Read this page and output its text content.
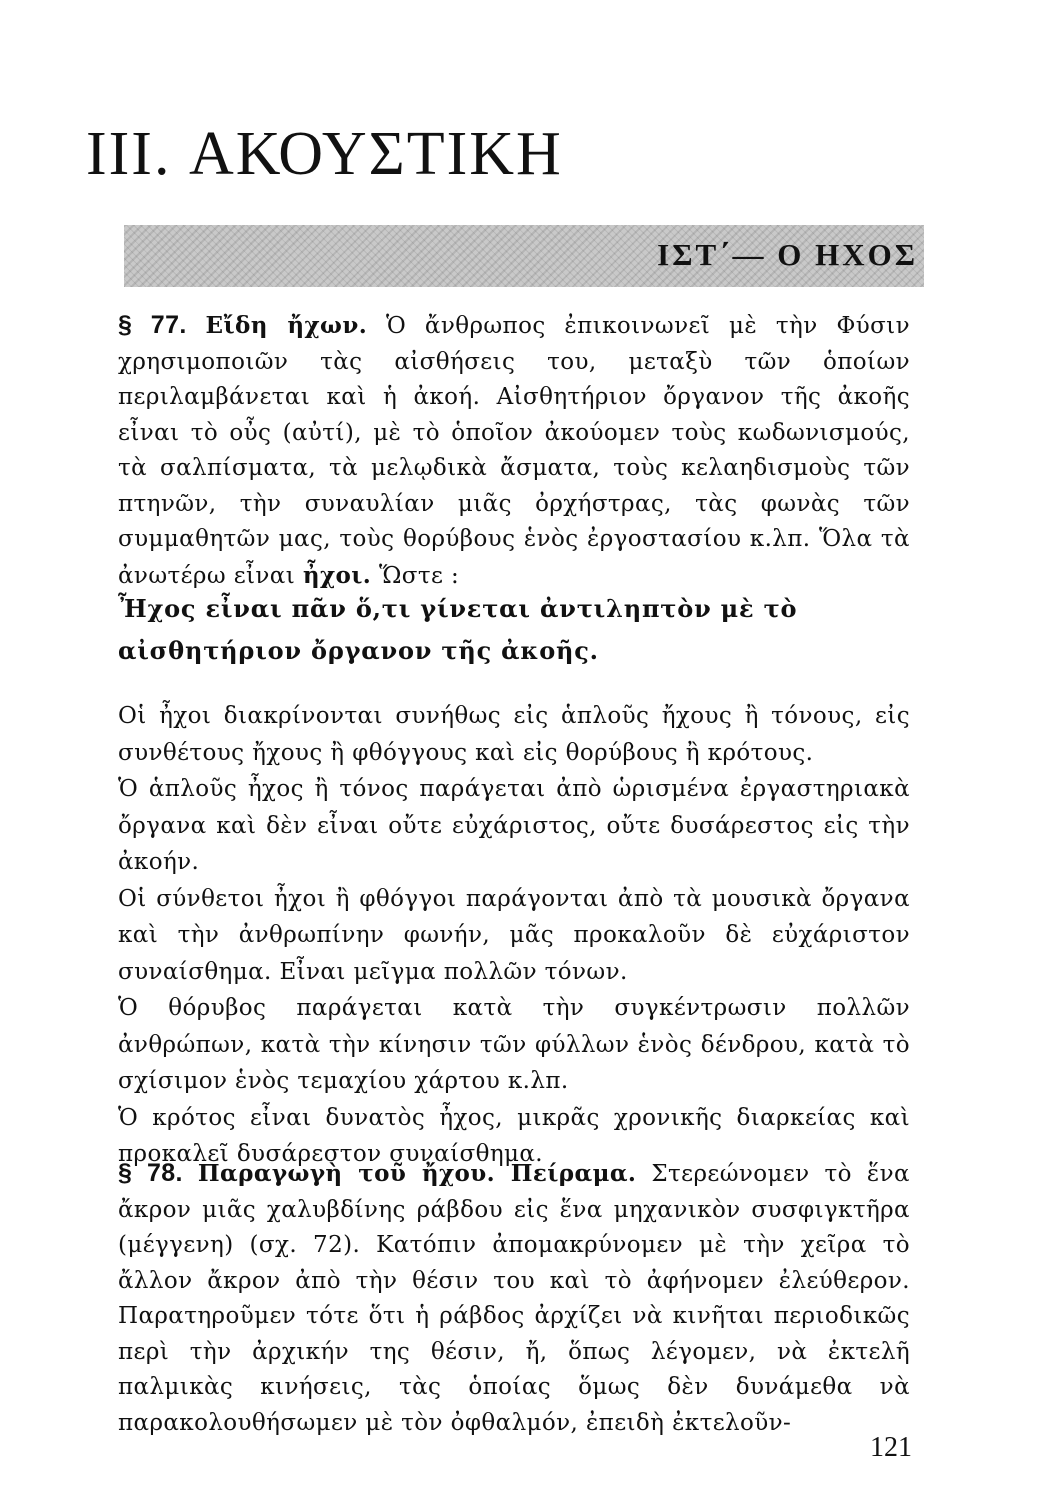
III. ΑΚΟΥΣΤΙΚΗ
ΙΣΤ΄— Ο ΗΧΟΣ

§ 77. Εἴδη ἤχων. Ὁ ἄνθρωπος ἐπικοινωνεῖ μὲ τὴν Φύσιν χρησιμοποιῶν τὰς αἰσθήσεις του, μεταξὺ τῶν ὁποίων περιλαμβάνεται καὶ ἡ ἀκοή. Αἰσθητήριον ὄργανον τῆς ἀκοῆς εἶναι τὸ οὖς (αὐτί), μὲ τὸ ὁποῖον ἀκούομεν τοὺς κωδωνισμούς, τὰ σαλπίσματα, τὰ μελῳδικὰ ἄσματα, τοὺς κελαηδισμοὺς τῶν πτηνῶν, τὴν συναυλίαν μιᾶς ὀρχήστρας, τὰς φωνὰς τῶν συμμαθητῶν μας, τοὺς θορύβους ἑνὸς ἐργοστασίου κ.λπ. Ὅλα τὰ ἀνωτέρω εἶναι ἦχοι. Ὥστε :

Ἦχος εἶναι πᾶν ὅ,τι γίνεται ἀντιληπτὸν μὲ τὸ αἰσθητήριον ὄργανον τῆς ἀκοῆς.

Οἱ ἦχοι διακρίνονται συνήθως εἰς ἁπλοῦς ἤχους ἢ τόνους, εἰς συνθέτους ἤχους ἢ φθόγγους καὶ εἰς θορύβους ἢ κρότους.

Ὁ ἁπλοῦς ἦχος ἢ τόνος παράγεται ἀπὸ ὡρισμένα ἐργαστηριακὰ ὄργανα καὶ δὲν εἶναι οὔτε εὐχάριστος, οὔτε δυσάρεστος εἰς τὴν ἀκοήν.

Οἱ σύνθετοι ἦχοι ἢ φθόγγοι παράγονται ἀπὸ τὰ μουσικὰ ὄργανα καὶ τὴν ἀνθρωπίνην φωνήν, μᾶς προκαλοῦν δὲ εὐχάριστον συναίσθημα. Εἶναι μεῖγμα πολλῶν τόνων.

Ὁ θόρυβος παράγεται κατὰ τὴν συγκέντρωσιν πολλῶν ἀνθρώπων, κατὰ τὴν κίνησιν τῶν φύλλων ἑνὸς δένδρου, κατὰ τὸ σχίσιμον ἑνὸς τεμαχίου χάρτου κ.λπ.

Ὁ κρότος εἶναι δυνατὸς ἦχος, μικρᾶς χρονικῆς διαρκείας καὶ προκαλεῖ δυσάρεστον συναίσθημα.

§ 78. Παραγωγὴ τοῦ ἤχου. Πείραμα. Στερεώνομεν τὸ ἕνα ἄκρον μιᾶς χαλυβδίνης ράβδου εἰς ἕνα μηχανικὸν συσφιγκτῆρα (μέγγενη) (σχ. 72). Κατόπιν ἀπομακρύνομεν μὲ τὴν χεῖρα τὸ ἄλλον ἄκρον ἀπὸ τὴν θέσιν του καὶ τὸ ἀφήνομεν ἐλεύθερον. Παρατηροῦμεν τότε ὅτι ἡ ράβδος ἀρχίζει νὰ κινῆται περιοδικῶς περὶ τὴν ἀρχικήν της θέσιν, ἤ, ὅπως λέγομεν, νὰ ἐκτελῆ παλμικὰς κινήσεις, τὰς ὁποίας ὅμως δὲν δυνάμεθα νὰ παρακολουθήσωμεν μὲ τὸν ὀφθαλμόν, ἐπειδὴ ἐκτελοῦν-

121
